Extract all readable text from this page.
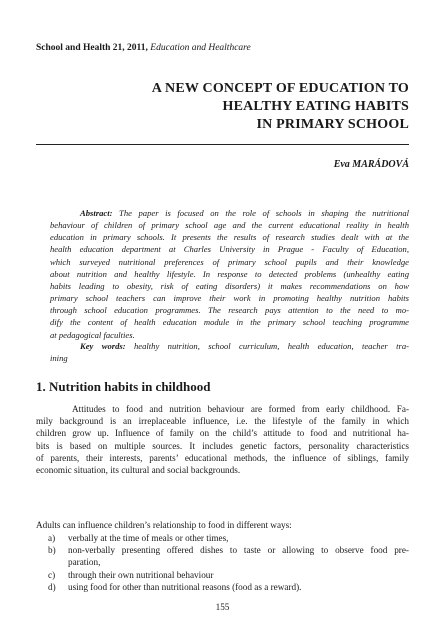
School and Health 21, 2011, Education and Healthcare
A NEW CONCEPT OF EDUCATION TO
HEALTHY EATING HABITS
IN PRIMARY SCHOOL
Eva MARÁDOVÁ
Abstract: The paper is focused on the role of schools in shaping the nutritional
behaviour of children of primary school age and the current educational reality in health
education in primary schools. It presents the results of research studies dealt with at the
health education department at Charles University in Prague - Faculty of Education,
which surveyed nutritional preferences of primary school pupils and their knowledge
about nutrition and healthy lifestyle. In response to detected problems (unhealthy eating
habits leading to obesity, risk of eating disorders) it makes recommendations on how
primary school teachers can improve their work in promoting healthy nutrition habits
through school education programmes. The research pays attention to the need to mo-
dify the content of health education module in the primary school teaching programme
at pedagogical faculties.
Key words: healthy nutrition, school curriculum, health education, teacher tra-
ining
1. Nutrition habits in childhood
Attitudes to food and nutrition behaviour are formed from early childhood. Fa-
mily background is an irreplaceable influence, i.e. the lifestyle of the family in which
children grow up. Influence of family on the child’s attitude to food and nutritional ha-
bits is based on multiple sources. It includes genetic factors, personality characteristics
of parents, their interests, parents’ educational methods, the influence of siblings, family
economic situation, its cultural and social backgrounds.
Adults can influence children’s relationship to food in different ways:
a) verbally at the time of meals or other times,
b) non-verbally presenting offered dishes to taste or allowing to observe food pre-
paration,
c) through their own nutritional behaviour
d) using food for other than nutritional reasons (food as a reward).
155
